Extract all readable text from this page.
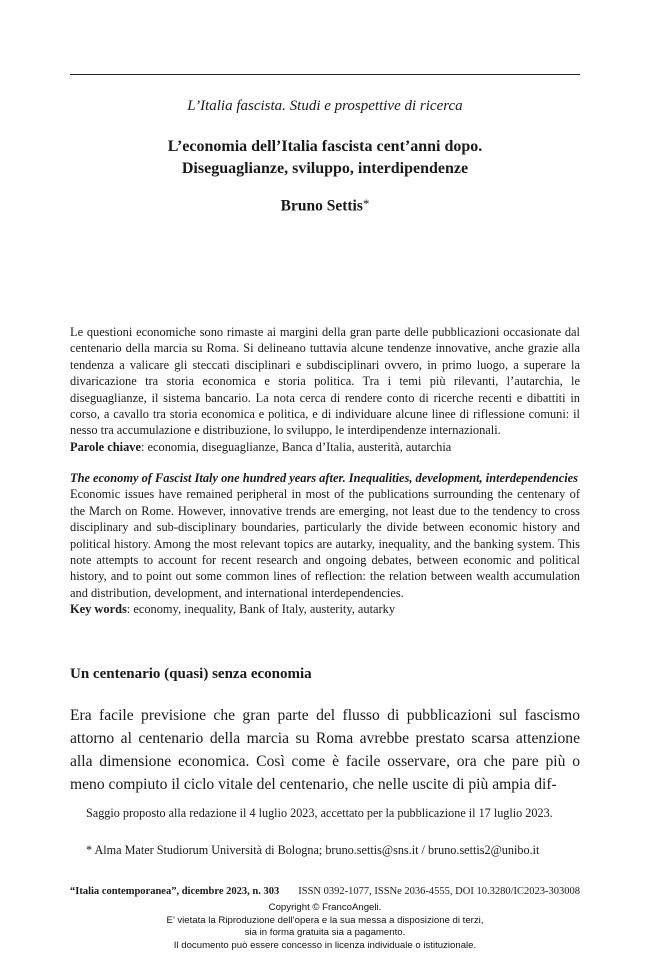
L’Italia fascista. Studi e prospettive di ricerca
L’economia dell’Italia fascista cent’anni dopo.
Diseguaglianze, sviluppo, interdipendenze
Bruno Settis*
Le questioni economiche sono rimaste ai margini della gran parte delle pubblicazioni occasionate dal centenario della marcia su Roma. Si delineano tuttavia alcune tendenze innovative, anche grazie alla tendenza a valicare gli steccati disciplinari e subdisciplinari ovvero, in primo luogo, a superare la divaricazione tra storia economica e storia politica. Tra i temi più rilevanti, l’autarchia, le diseguaglianze, il sistema bancario. La nota cerca di rendere conto di ricerche recenti e dibattiti in corso, a cavallo tra storia economica e politica, e di individuare alcune linee di riflessione comuni: il nesso tra accumulazione e distribuzione, lo sviluppo, le interdipendenze internazionali.
Parole chiave: economia, diseguaglianze, Banca d’Italia, austerità, autarchia
The economy of Fascist Italy one hundred years after. Inequalities, development, interdependencies
Economic issues have remained peripheral in most of the publications surrounding the centenary of the March on Rome. However, innovative trends are emerging, not least due to the tendency to cross disciplinary and sub-disciplinary boundaries, particularly the divide between economic history and political history. Among the most relevant topics are autarky, inequality, and the banking system. This note attempts to account for recent research and ongoing debates, between economic and political history, and to point out some common lines of reflection: the relation between wealth accumulation and distribution, development, and international interdependencies.
Key words: economy, inequality, Bank of Italy, austerity, autarky
Un centenario (quasi) senza economia
Era facile previsione che gran parte del flusso di pubblicazioni sul fascismo attorno al centenario della marcia su Roma avrebbe prestato scarsa attenzione alla dimensione economica. Così come è facile osservare, ora che pare più o meno compiuto il ciclo vitale del centenario, che nelle uscite di più ampia dif-
Saggio proposto alla redazione il 4 luglio 2023, accettato per la pubblicazione il 17 luglio 2023.
* Alma Mater Studiorum Università di Bologna; bruno.settis@sns.it / bruno.settis2@unibo.it
“Italia contemporanea”, dicembre 2023, n. 303 ISSN 0392-1077, ISSNe 2036-4555, DOI 10.3280/IC2023-303008
Copyright © FrancoAngeli.
E’ vietata la Riproduzione dell’opera e la sua messa a disposizione di terzi,
sia in forma gratuita sia a pagamento.
Il documento può essere concesso in licenza individuale o istituzionale.
